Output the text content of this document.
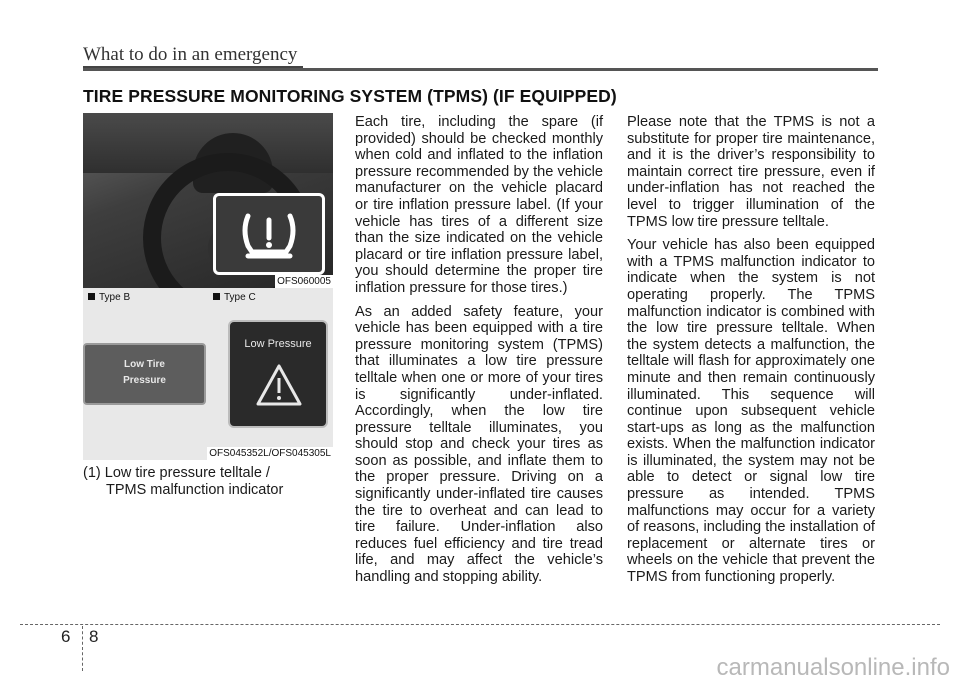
What to do in an emergency
TIRE PRESSURE MONITORING SYSTEM (TPMS) (IF EQUIPPED)
OFS060005
Type B	Type C
Low Tire
Pressure
Low Pressure
OFS045352L/OFS045305L
(1) Low tire pressure telltale /
TPMS malfunction indicator

Each tire, including the spare (if provided) should be checked monthly when cold and inflated to the inflation pressure recommended by the vehicle manufacturer on the vehicle placard or tire inflation pressure label. (If your vehicle has tires of a different size than the size indicated on the vehicle placard or tire inflation pressure label, you should determine the proper tire inflation pressure for those tires.)

As an added safety feature, your vehicle has been equipped with a tire pressure monitoring system (TPMS) that illuminates a low tire pressure telltale when one or more of your tires is significantly under-inflated. Accordingly, when the low tire pressure telltale illuminates, you should stop and check your tires as soon as possible, and inflate them to the proper pressure. Driving on a significantly under-inflated tire causes the tire to overheat and can lead to tire failure. Under-inflation also reduces fuel efficiency and tire tread life, and may affect the vehicle’s handling and stopping ability.

Please note that the TPMS is not a substitute for proper tire maintenance, and it is the driver’s responsibility to maintain correct tire pressure, even if under-inflation has not reached the level to trigger illumination of the TPMS low tire pressure telltale.

Your vehicle has also been equipped with a TPMS malfunction indicator to indicate when the system is not operating properly. The TPMS malfunction indicator is combined with the low tire pressure telltale. When the system detects a malfunction, the telltale will flash for approximately one minute and then remain continuously illuminated. This sequence will continue upon subsequent vehicle start-ups as long as the malfunction exists. When the malfunction indicator is illuminated, the system may not be able to detect or signal low tire pressure as intended. TPMS malfunctions may occur for a variety of reasons, including the installation of replacement or alternate tires or wheels on the vehicle that prevent the TPMS from functioning properly.

6 8
carmanualsonline.info
